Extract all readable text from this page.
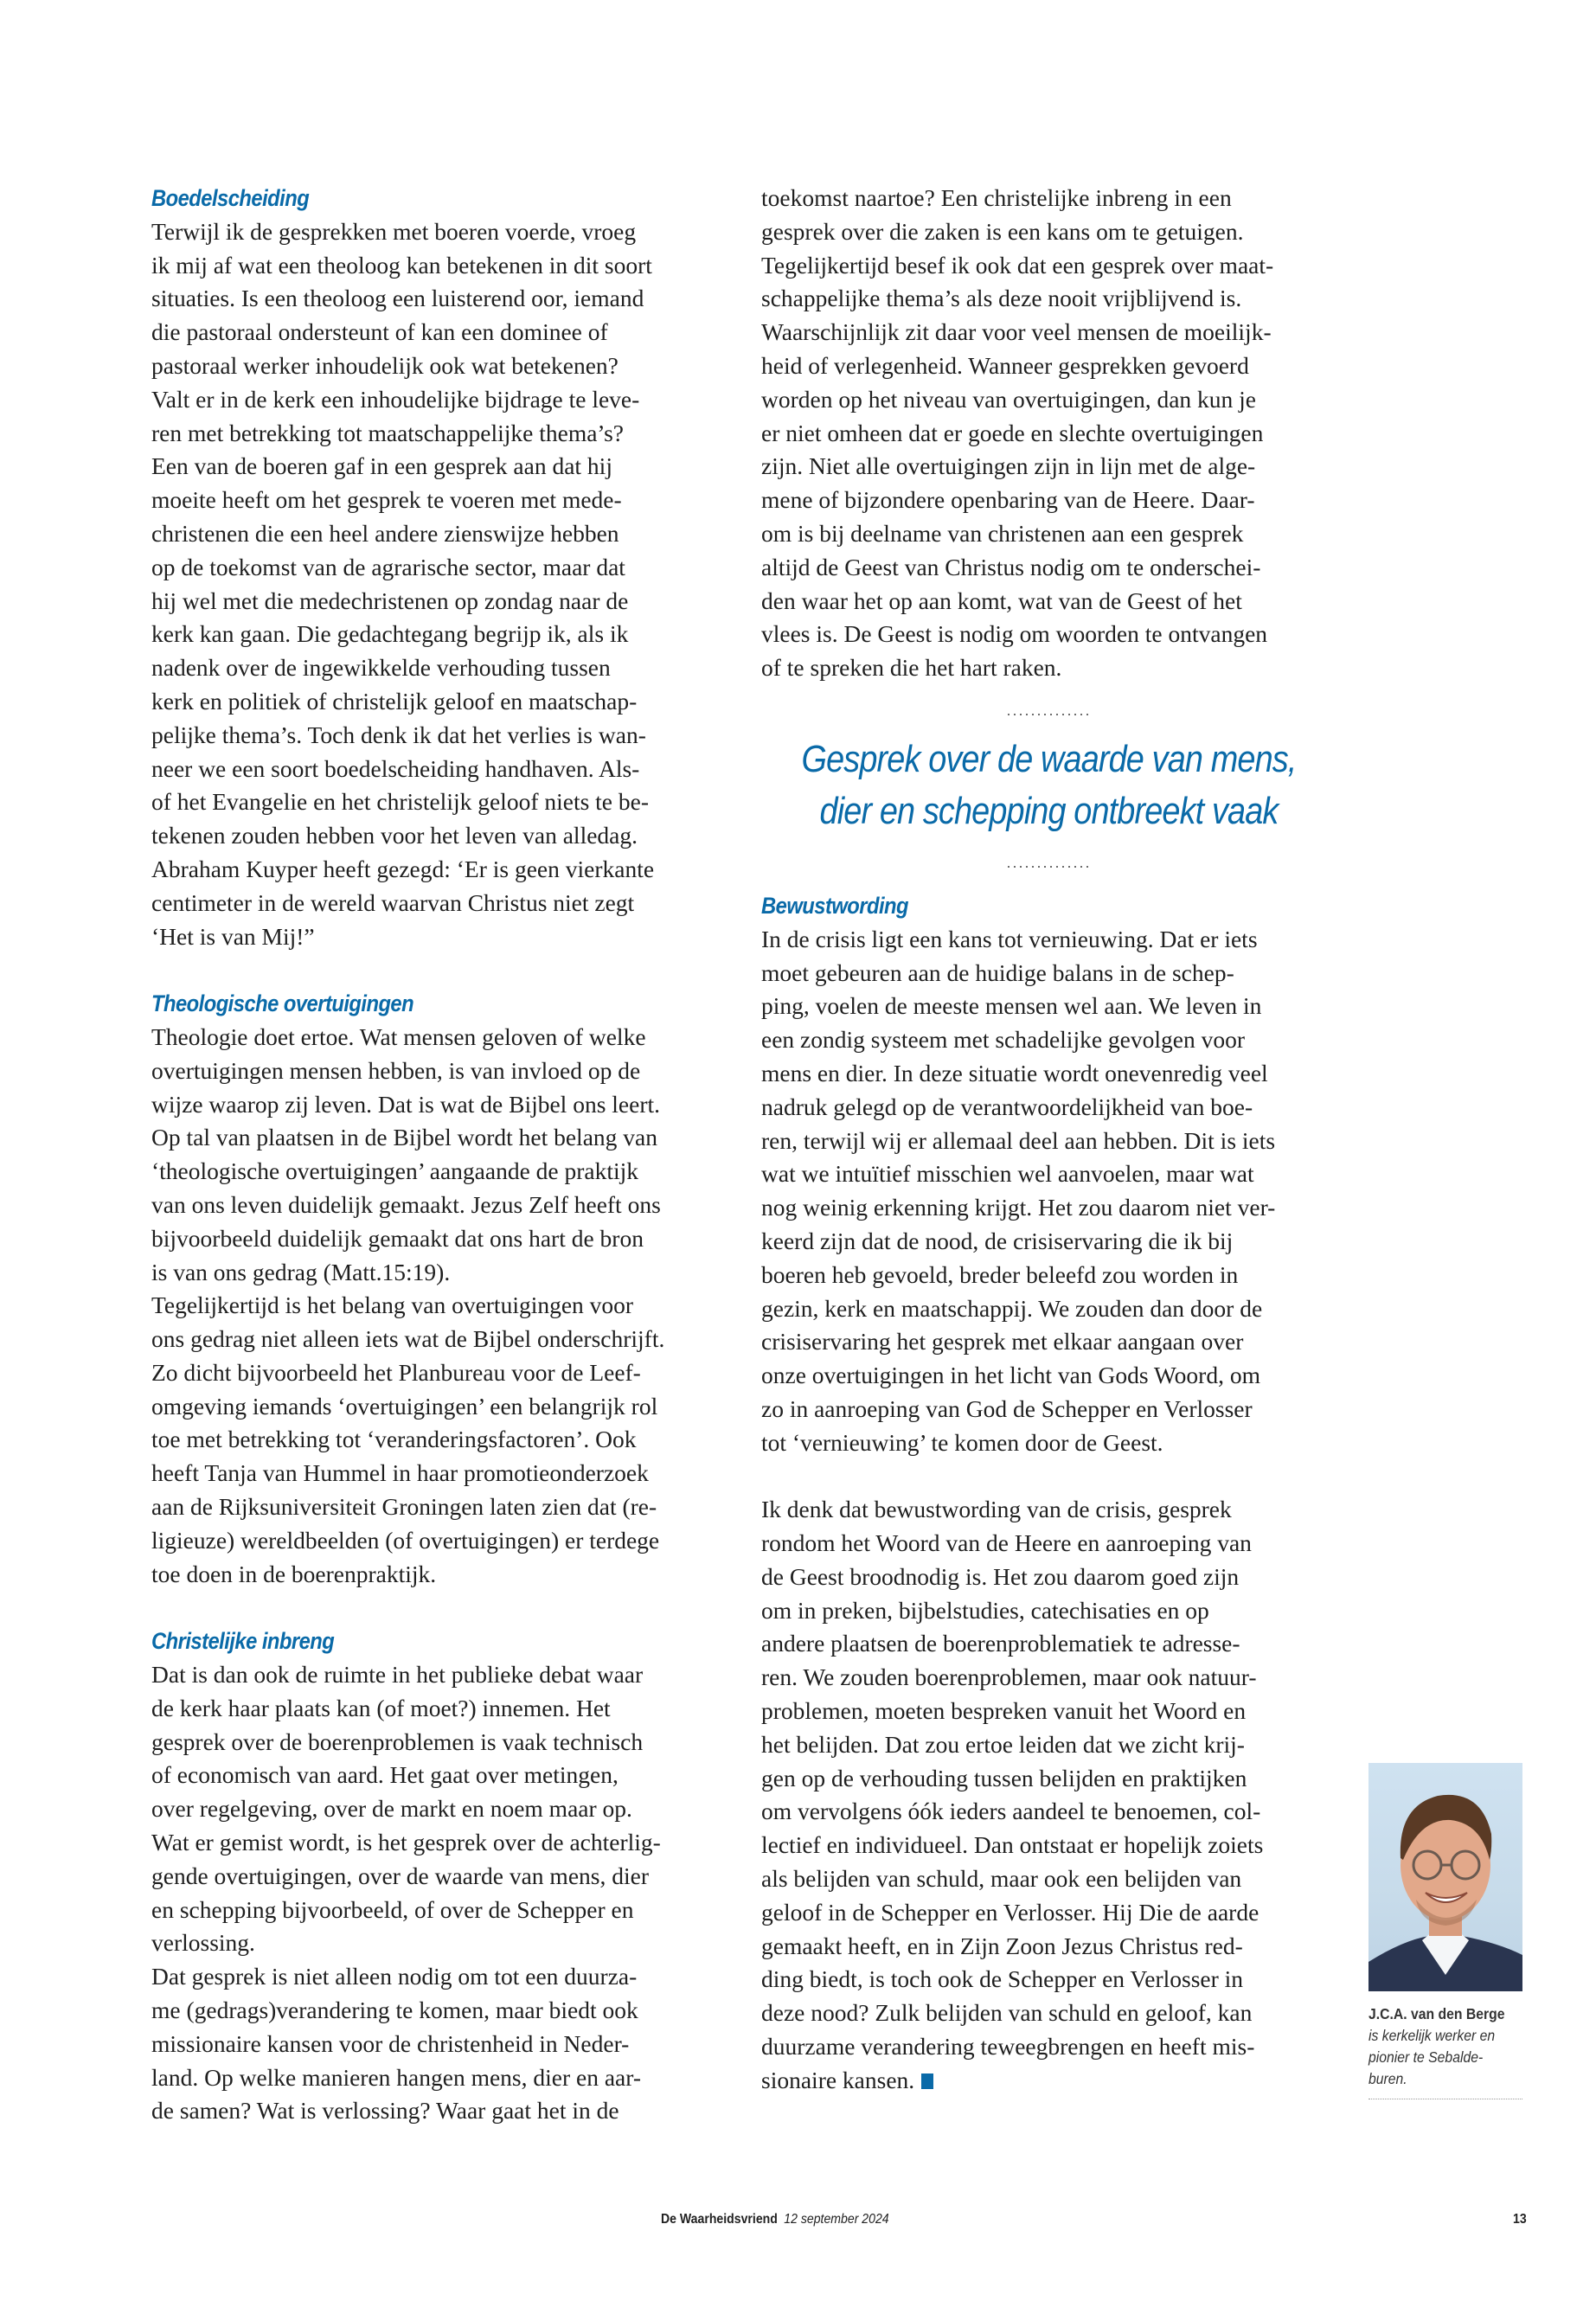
Boedelscheiding
Terwijl ik de gesprekken met boeren voerde, vroeg
ik mij af wat een theoloog kan betekenen in dit soort
situaties. Is een theoloog een luisterend oor, iemand
die pastoraal ondersteunt of kan een dominee of
pastoraal werker inhoudelijk ook wat betekenen?
Valt er in de kerk een inhoudelijke bijdrage te leve-
ren met betrekking tot maatschappelijke thema’s?
Een van de boeren gaf in een gesprek aan dat hij
moeite heeft om het gesprek te voeren met mede-
christenen die een heel andere zienswijze hebben
op de toekomst van de agrarische sector, maar dat
hij wel met die medechristenen op zondag naar de
kerk kan gaan. Die gedachtegang begrijp ik, als ik
nadenk over de ingewikkelde verhouding tussen
kerk en politiek of christelijk geloof en maatschap-
pelijke thema’s. Toch denk ik dat het verlies is wan-
neer we een soort boedelscheiding handhaven. Als-
of het Evangelie en het christelijk geloof niets te be-
tekenen zouden hebben voor het leven van alledag.
Abraham Kuyper heeft gezegd: ‘Er is geen vierkante
centimeter in de wereld waarvan Christus niet zegt
‘Het is van Mij!”
Theologische overtuigingen
Theologie doet ertoe. Wat mensen geloven of welke
overtuigingen mensen hebben, is van invloed op de
wijze waarop zij leven. Dat is wat de Bijbel ons leert.
Op tal van plaatsen in de Bijbel wordt het belang van
‘theologische overtuigingen’ aangaande de praktijk
van ons leven duidelijk gemaakt. Jezus Zelf heeft ons
bijvoorbeeld duidelijk gemaakt dat ons hart de bron
is van ons gedrag (Matt.15:19).
Tegelijkertijd is het belang van overtuigingen voor
ons gedrag niet alleen iets wat de Bijbel onderschrijft.
Zo dicht bijvoorbeeld het Planbureau voor de Leef-
omgeving iemands ‘overtuigingen’ een belangrijk rol
toe met betrekking tot ‘veranderingsfactoren’. Ook
heeft Tanja van Hummel in haar promotieonderzoek
aan de Rijksuniversiteit Groningen laten zien dat (re-
ligieuze) wereldbeelden (of overtuigingen) er terdege
toe doen in de boerenpraktijk.
Christelijke inbreng
Dat is dan ook de ruimte in het publieke debat waar
de kerk haar plaats kan (of moet?) innemen. Het
gesprek over de boerenproblemen is vaak technisch
of economisch van aard. Het gaat over metingen,
over regelgeving, over de markt en noem maar op.
Wat er gemist wordt, is het gesprek over de achterlig-
gende overtuigingen, over de waarde van mens, dier
en schepping bijvoorbeeld, of over de Schepper en
verlossing.
Dat gesprek is niet alleen nodig om tot een duurza-
me (gedrags)verandering te komen, maar biedt ook
missionaire kansen voor de christenheid in Neder-
land. Op welke manieren hangen mens, dier en aar-
de samen? Wat is verlossing? Waar gaat het in de
toekomst naartoe? Een christelijke inbreng in een
gesprek over die zaken is een kans om te getuigen.
Tegelijkertijd besef ik ook dat een gesprek over maat-
schappelijke thema’s als deze nooit vrijblijvend is.
Waarschijnlijk zit daar voor veel mensen de moeilijk-
heid of verlegenheid. Wanneer gesprekken gevoerd
worden op het niveau van overtuigingen, dan kun je
er niet omheen dat er goede en slechte overtuigingen
zijn. Niet alle overtuigingen zijn in lijn met de alge-
mene of bijzondere openbaring van de Heere. Daar-
om is bij deelname van christenen aan een gesprek
altijd de Geest van Christus nodig om te onderschei-
den waar het op aan komt, wat van de Geest of het
vlees is. De Geest is nodig om woorden te ontvangen
of te spreken die het hart raken.
..............
Gesprek over de waarde van mens,
dier en schepping ontbreekt vaak
..............
Bewustwording
In de crisis ligt een kans tot vernieuwing. Dat er iets
moet gebeuren aan de huidige balans in de schep-
ping, voelen de meeste mensen wel aan. We leven in
een zondig systeem met schadelijke gevolgen voor
mens en dier. In deze situatie wordt onevenredig veel
nadruk gelegd op de verantwoordelijkheid van boe-
ren, terwijl wij er allemaal deel aan hebben. Dit is iets
wat we intuïtief misschien wel aanvoelen, maar wat
nog weinig erkenning krijgt. Het zou daarom niet ver-
keerd zijn dat de nood, de crisiservaring die ik bij
boeren heb gevoeld, breder beleefd zou worden in
gezin, kerk en maatschappij. We zouden dan door de
crisiservaring het gesprek met elkaar aangaan over
onze overtuigingen in het licht van Gods Woord, om
zo in aanroeping van God de Schepper en Verlosser
tot ‘vernieuwing’ te komen door de Geest.
Ik denk dat bewustwording van de crisis, gesprek
rondom het Woord van de Heere en aanroeping van
de Geest broodnodig is. Het zou daarom goed zijn
om in preken, bijbelstudies, catechisaties en op
andere plaatsen de boerenproblematiek te adresse-
ren. We zouden boerenproblemen, maar ook natuur-
problemen, moeten bespreken vanuit het Woord en
het belijden. Dat zou ertoe leiden dat we zicht krij-
gen op de verhouding tussen belijden en praktijken
om vervolgens óók ieders aandeel te benoemen, col-
lectief en individueel. Dan ontstaat er hopelijk zoiets
als belijden van schuld, maar ook een belijden van
geloof in de Schepper en Verlosser. Hij Die de aarde
gemaakt heeft, en in Zijn Zoon Jezus Christus red-
ding biedt, is toch ook de Schepper en Verlosser in
deze nood? Zulk belijden van schuld en geloof, kan
duurzame verandering teweegbrengen en heeft mis-
sionaire kansen.
J.C.A. van den Berge
is kerkelijk werker en
pionier te Sebalde-
buren.
De Waarheidsvriend 12 september 2024	13
